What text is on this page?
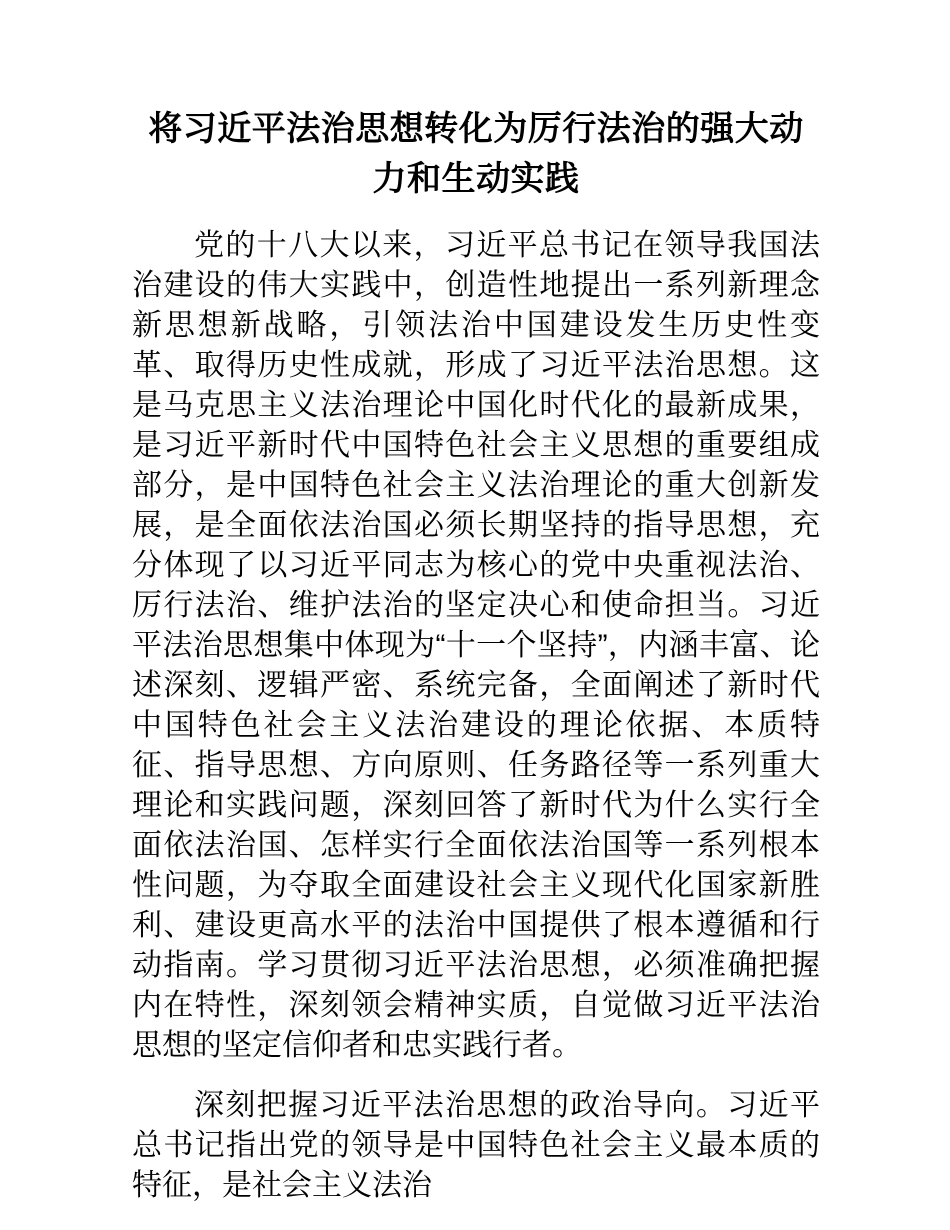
将习近平法治思想转化为厉行法治的强大动力和生动实践

党的十八大以来，习近平总书记在领导我国法治建设的伟大实践中，创造性地提出一系列新理念新思想新战略，引领法治中国建设发生历史性变革、取得历史性成就，形成了习近平法治思想。这是马克思主义法治理论中国化时代化的最新成果，是习近平新时代中国特色社会主义思想的重要组成部分，是中国特色社会主义法治理论的重大创新发展，是全面依法治国必须长期坚持的指导思想，充分体现了以习近平同志为核心的党中央重视法治、厉行法治、维护法治的坚定决心和使命担当。习近平法治思想集中体现为“十一个坚持”，内涵丰富、论述深刻、逻辑严密、系统完备，全面阐述了新时代中国特色社会主义法治建设的理论依据、本质特征、指导思想、方向原则、任务路径等一系列重大理论和实践问题，深刻回答了新时代为什么实行全面依法治国、怎样实行全面依法治国等一系列根本性问题，为夺取全面建设社会主义现代化国家新胜利、建设更高水平的法治中国提供了根本遵循和行动指南。学习贯彻习近平法治思想，必须准确把握内在特性，深刻领会精神实质，自觉做习近平法治思想的坚定信仰者和忠实践行者。

深刻把握习近平法治思想的政治导向。习近平总书记指出党的领导是中国特色社会主义最本质的特征，是社会主义法治
